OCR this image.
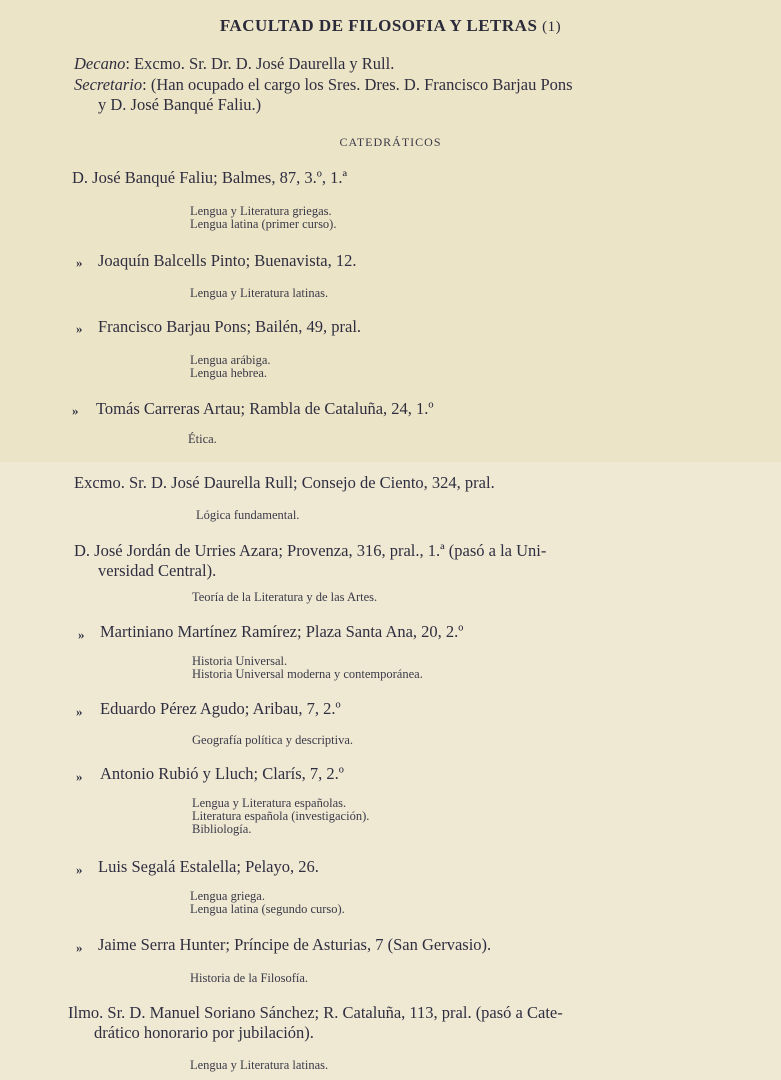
FACULTAD DE FILOSOFIA Y LETRAS (1)
Decano: Excmo. Sr. Dr. D. José Daurella y Rull.
Secretario: (Han ocupado el cargo los Sres. Dres. D. Francisco Barjau Pons
y D. José Banqué Faliu.)
CATEDRÁTICOS
D. José Banqué Faliu; Balmes, 87, 3.º, 1.ª
Lengua y Literatura griegas.
Lengua latina (primer curso).
» Joaquín Balcells Pinto; Buenavista, 12.
Lengua y Literatura latinas.
» Francisco Barjau Pons; Bailén, 49, pral.
Lengua arábiga.
Lengua hebrea.
» Tomás Carreras Artau; Rambla de Cataluña, 24, 1.º
Ética.
Excmo. Sr. D. José Daurella Rull; Consejo de Ciento, 324, pral.
Lógica fundamental.
D. José Jordán de Urries Azara; Provenza, 316, pral., 1.ª (pasó a la Uni-
versidad Central).
Teoría de la Literatura y de las Artes.
» Martiniano Martínez Ramírez; Plaza Santa Ana, 20, 2.º
Historia Universal.
Historia Universal moderna y contemporánea.
» Eduardo Pérez Agudo; Aribau, 7, 2.º
Geografía política y descriptiva.
» Antonio Rubió y Lluch; Clarís, 7, 2.º
Lengua y Literatura españolas.
Literatura española (investigación).
Bibliología.
» Luis Segalá Estalella; Pelayo, 26.
Lengua griega.
Lengua latina (segundo curso).
» Jaime Serra Hunter; Príncipe de Asturias, 7 (San Gervasio).
Historia de la Filosofía.
Ilmo. Sr. D. Manuel Soriano Sánchez; R. Cataluña, 113, pral. (pasó a Cate-
drático honorario por jubilación).
Lengua y Literatura latinas.
